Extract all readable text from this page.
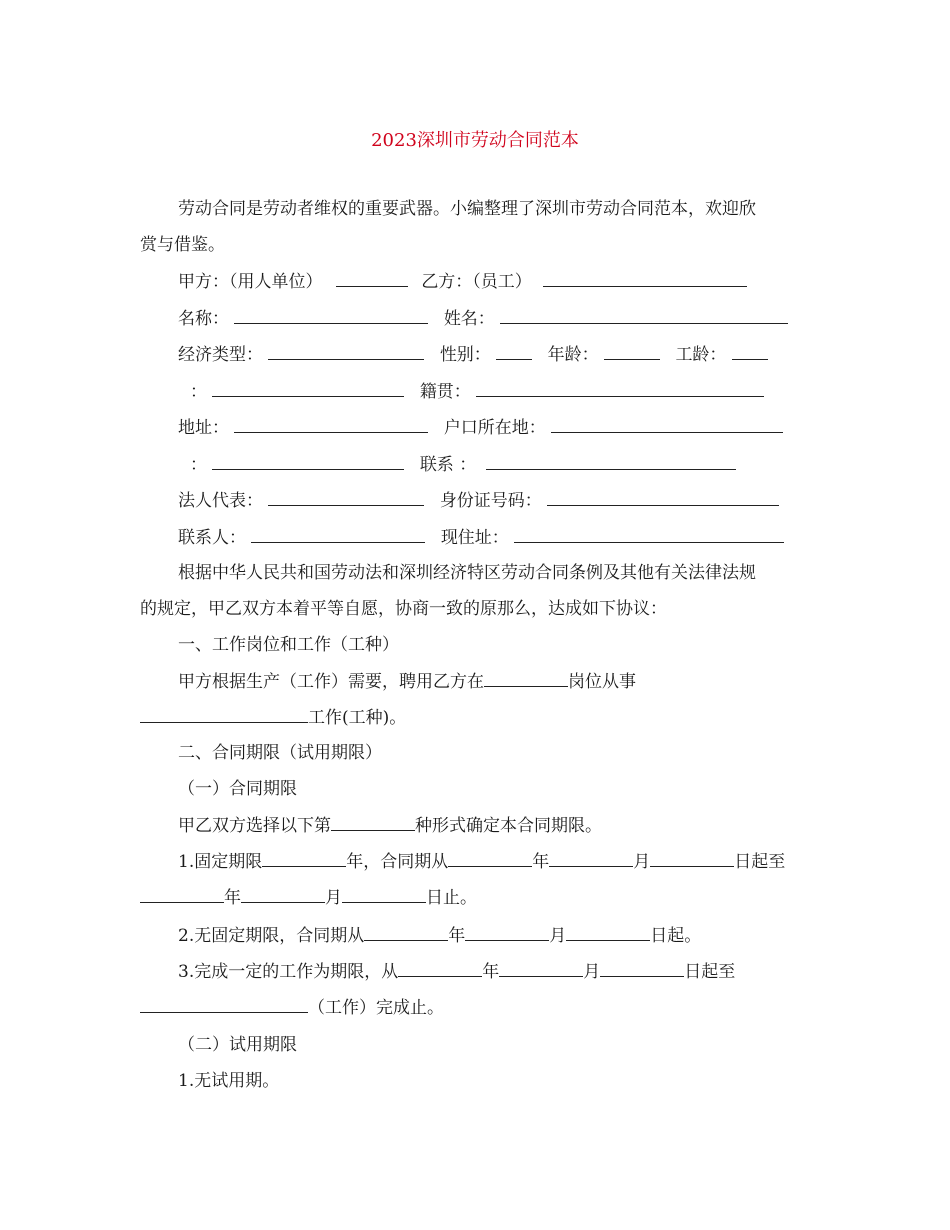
2023深圳市劳动合同范本
劳动合同是劳动者维权的重要武器。小编整理了深圳市劳动合同范本，欢迎欣
赏与借鉴。
甲方：（用人单位）	乙方：（员工）
名称：	姓名：
经济类型：	性别：	年龄：	工龄：
：	籍贯：
地址：	户口所在地：
：	联系 ：
法人代表：	身份证号码：
联系人：	现住址：
根据中华人民共和国劳动法和深圳经济特区劳动合同条例及其他有关法律法规
的规定，甲乙双方本着平等自愿，协商一致的原那么，达成如下协议：
一、工作岗位和工作（工种）
甲方根据生产（工作）需要，聘用乙方在	岗位从事
工作(工种)。
二、合同期限（试用期限）
（一）合同期限
甲乙双方选择以下第	种形式确定本合同期限。
1.固定期限	年，合同期从	年	月	日起至
年	月	日止。
2.无固定期限，合同期从	年	月	日起。
3.完成一定的工作为期限，从	年	月	日起至
（工作）完成止。
（二）试用期限
1.无试用期。
